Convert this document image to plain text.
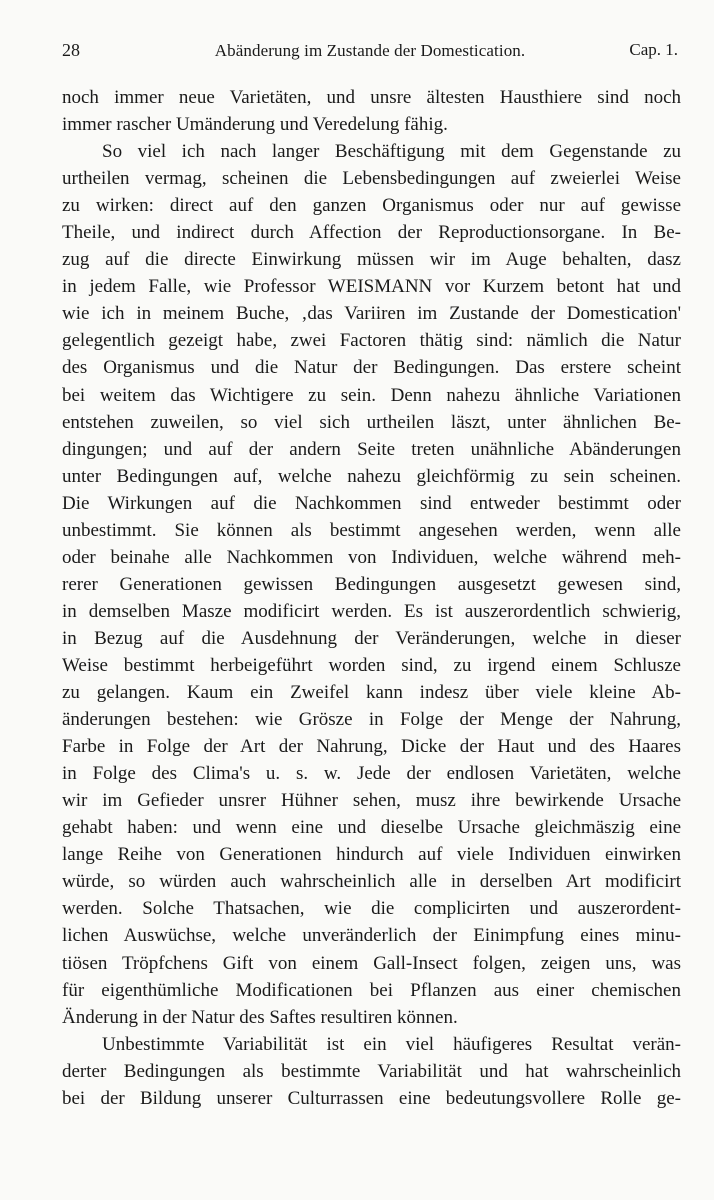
28	Abänderung im Zustande der Domestication.	Cap. 1.
noch immer neue Varietäten, und unsre ältesten Hausthiere sind noch
immer rascher Umänderung und Veredelung fähig.
So viel ich nach langer Beschäftigung mit dem Gegenstande zu
urtheilen vermag, scheinen die Lebensbedingungen auf zweierlei Weise
zu wirken: direct auf den ganzen Organismus oder nur auf gewisse
Theile, und indirect durch Affection der Reproductionsorgane. In Be-
zug auf die directe Einwirkung müssen wir im Auge behalten, dasz
in jedem Falle, wie Professor WEISMANN vor Kurzem betont hat und
wie ich in meinem Buche, ‚das Variiren im Zustande der Domestication'
gelegentlich gezeigt habe, zwei Factoren thätig sind: nämlich die Natur
des Organismus und die Natur der Bedingungen. Das erstere scheint
bei weitem das Wichtigere zu sein. Denn nahezu ähnliche Variationen
entstehen zuweilen, so viel sich urtheilen läszt, unter ähnlichen Be-
dingungen; und auf der andern Seite treten unähnliche Abänderungen
unter Bedingungen auf, welche nahezu gleichförmig zu sein scheinen.
Die Wirkungen auf die Nachkommen sind entweder bestimmt oder
unbestimmt. Sie können als bestimmt angesehen werden, wenn alle
oder beinahe alle Nachkommen von Individuen, welche während meh-
rerer Generationen gewissen Bedingungen ausgesetzt gewesen sind,
in demselben Masze modificirt werden. Es ist auszerordentlich schwierig,
in Bezug auf die Ausdehnung der Veränderungen, welche in dieser
Weise bestimmt herbeigeführt worden sind, zu irgend einem Schlusze
zu gelangen. Kaum ein Zweifel kann indesz über viele kleine Ab-
änderungen bestehen: wie Grösze in Folge der Menge der Nahrung,
Farbe in Folge der Art der Nahrung, Dicke der Haut und des Haares
in Folge des Clima's u. s. w. Jede der endlosen Varietäten, welche
wir im Gefieder unsrer Hühner sehen, musz ihre bewirkende Ursache
gehabt haben: und wenn eine und dieselbe Ursache gleichmäszig eine
lange Reihe von Generationen hindurch auf viele Individuen einwirken
würde, so würden auch wahrscheinlich alle in derselben Art modificirt
werden. Solche Thatsachen, wie die complicirten und auszerordent-
lichen Auswüchse, welche unveränderlich der Einimpfung eines minu-
tiösen Tröpfchens Gift von einem Gall-Insect folgen, zeigen uns, was
für eigenthümliche Modificationen bei Pflanzen aus einer chemischen
Änderung in der Natur des Saftes resultiren können.
Unbestimmte Variabilität ist ein viel häufigeres Resultat verän-
derter Bedingungen als bestimmte Variabilität und hat wahrscheinlich
bei der Bildung unserer Culturrassen eine bedeutungsvollere Rolle ge-
